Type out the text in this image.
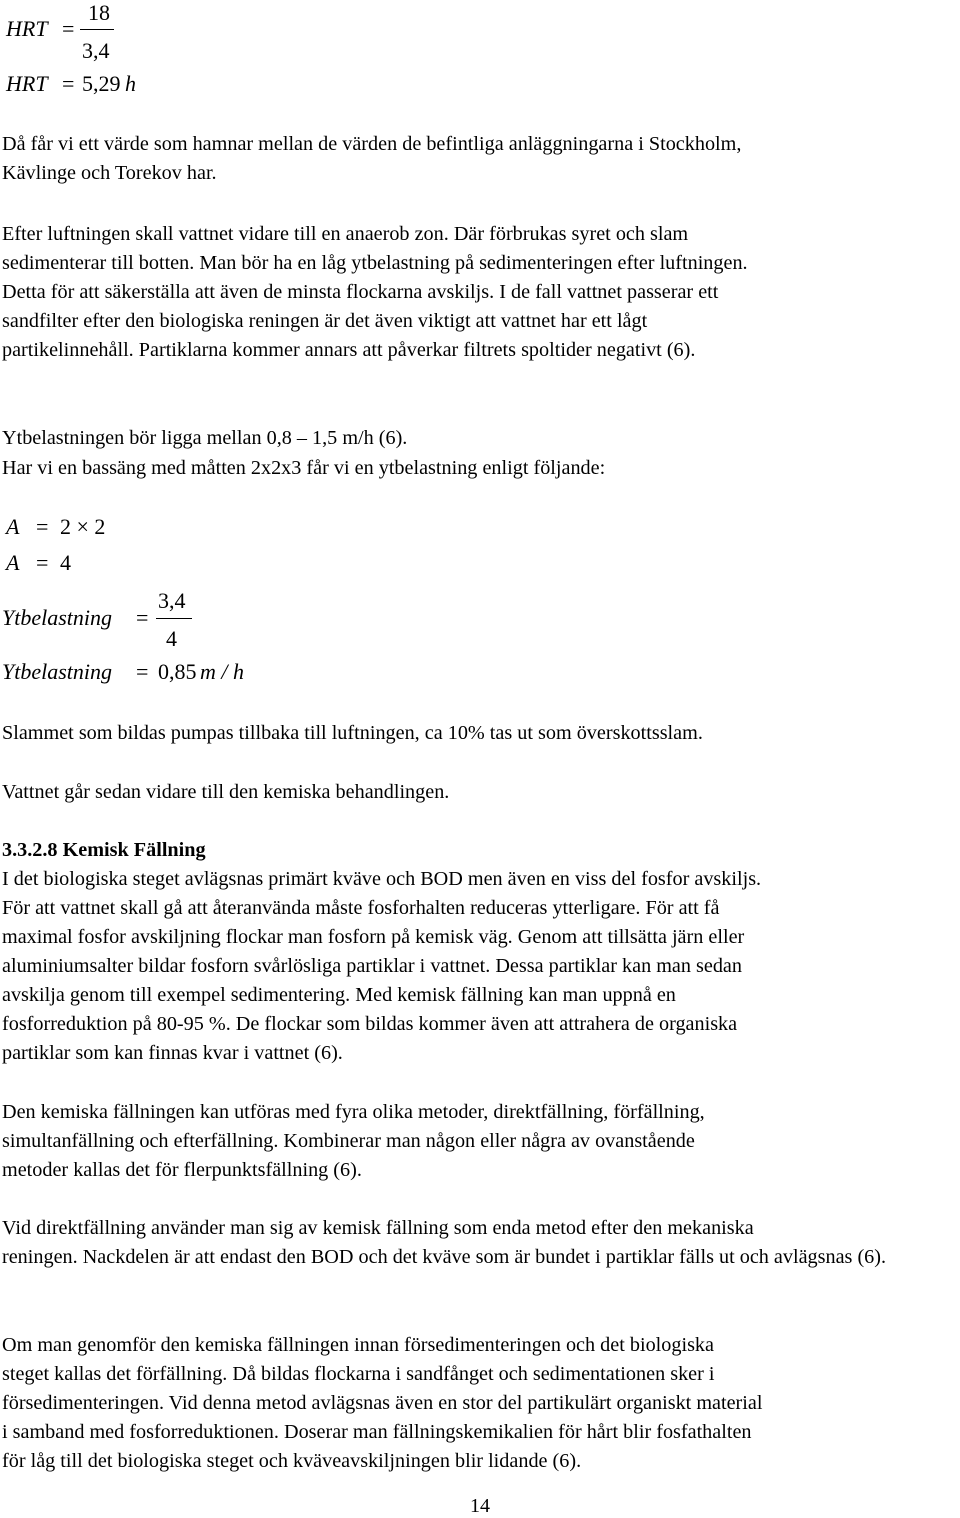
HRT =
18
3,4
HRT = 5,29 h
Då får vi ett värde som hamnar mellan de värden de befintliga anläggningarna i Stockholm, Kävlinge och Torekov har.
Efter luftningen skall vattnet vidare till en anaerob zon. Där förbrukas syret och slam sedimenterar till botten. Man bör ha en låg ytbelastning på sedimenteringen efter luftningen. Detta för att säkerställa att även de minsta flockarna avskiljs. I de fall vattnet passerar ett sandfilter efter den biologiska reningen är det även viktigt att vattnet har ett lågt partikelinnehåll. Partiklarna kommer annars att påverkar filtrets spoltider negativt (6).
Ytbelastningen bör ligga mellan 0,8 – 1,5 m/h (6).
Har vi en bassäng med måtten 2x2x3 får vi en ytbelastning enligt följande:
A = 2 × 2
A = 4
Ytbelastning =
3,4
4
Ytbelastning = 0,85 m / h
Slammet som bildas pumpas tillbaka till luftningen, ca 10% tas ut som överskottsslam.
Vattnet går sedan vidare till den kemiska behandlingen.
3.3.2.8 Kemisk Fällning
I det biologiska steget avlägsnas primärt kväve och BOD men även en viss del fosfor avskiljs. För att vattnet skall gå att återanvända måste fosforhalten reduceras ytterligare. För att få maximal fosfor avskiljning flockar man fosforn på kemisk väg. Genom att tillsätta järn eller aluminiumsalter bildar fosforn svårlösliga partiklar i vattnet. Dessa partiklar kan man sedan avskilja genom till exempel sedimentering. Med kemisk fällning kan man uppnå en fosforreduktion på 80-95 %. De flockar som bildas kommer även att attrahera de organiska partiklar som kan finnas kvar i vattnet (6).
Den kemiska fällningen kan utföras med fyra olika metoder, direktfällning, förfällning, simultanfällning och efterfällning. Kombinerar man någon eller några av ovanstående metoder kallas det för flerpunktsfällning (6).
Vid direktfällning använder man sig av kemisk fällning som enda metod efter den mekaniska reningen. Nackdelen är att endast den BOD och det kväve som är bundet i partiklar fälls ut och avlägsnas (6).
Om man genomför den kemiska fällningen innan försedimenteringen och det biologiska steget kallas det förfällning. Då bildas flockarna i sandfånget och sedimentationen sker i försedimenteringen. Vid denna metod avlägsnas även en stor del partikulärt organiskt material i samband med fosforreduktionen. Doserar man fällningskemikalien för hårt blir fosfathalten för låg till det biologiska steget och kväveavskiljningen blir lidande (6).
14
